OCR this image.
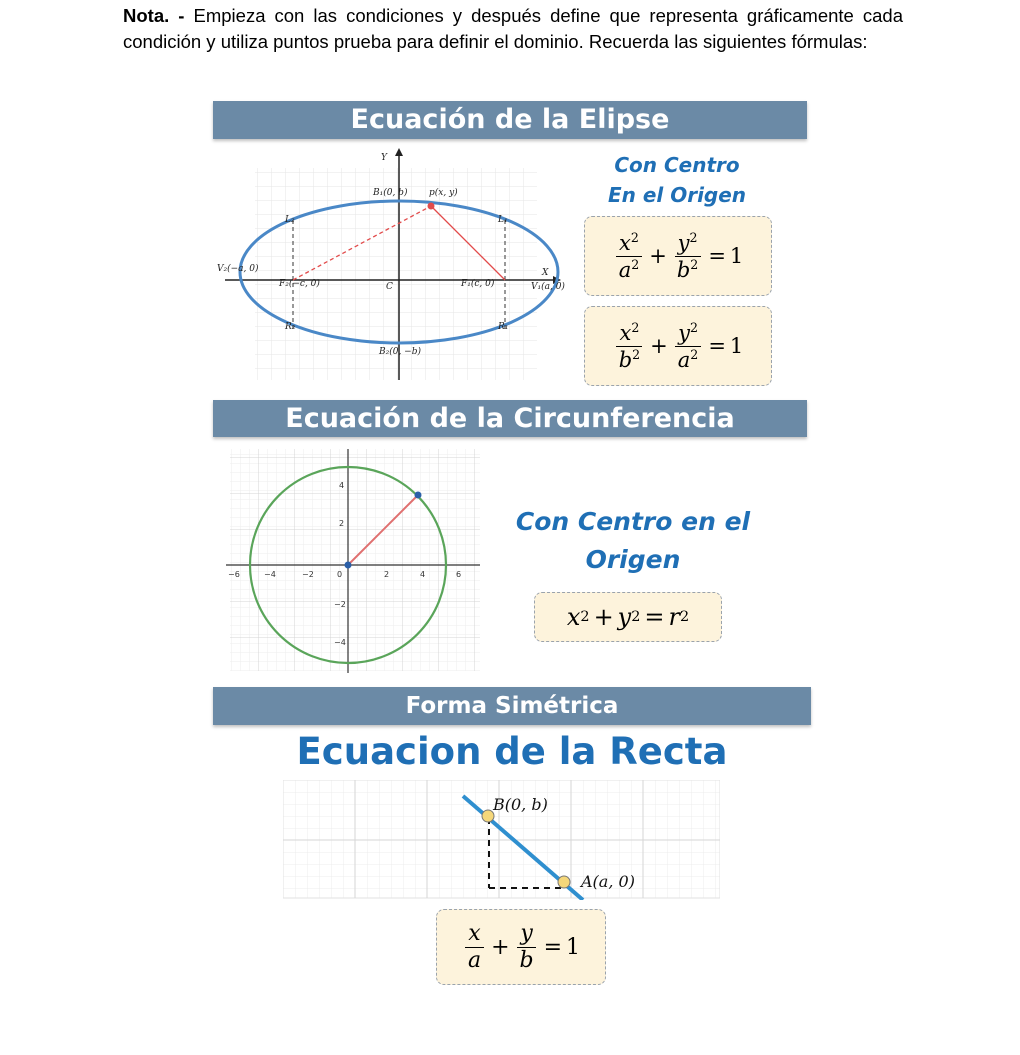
Nota. - Empieza con las condiciones y después define que representa gráficamente cada condición y utiliza puntos prueba para definir el dominio. Recuerda las siguientes fórmulas:
Ecuación de la Elipse
Y
X
B₁(0, b) p(x, y)
L₂	L₁
V₂(−a, 0)
F₂(−c, 0)	C	F₁(c, 0)	V₁(a, 0)
R₂	R₁
B₂(0, −b)
Con Centro
En el Origen
$\frac{x^2}{a^2} + \frac{y^2}{b^2} = 1$
$\frac{x^2}{b^2} + \frac{y^2}{a^2} = 1$
Ecuación de la Circunferencia
−6	−4	−2	0	2	4	6
4
2
−2
−4
Con Centro en el
Origen
x 2 + y 2 = r 2
Forma Simétrica
Ecuacion de la Recta
B(0, b)
A(a, 0)
$\frac{x}{a} + \frac{y}{b} = 1$
